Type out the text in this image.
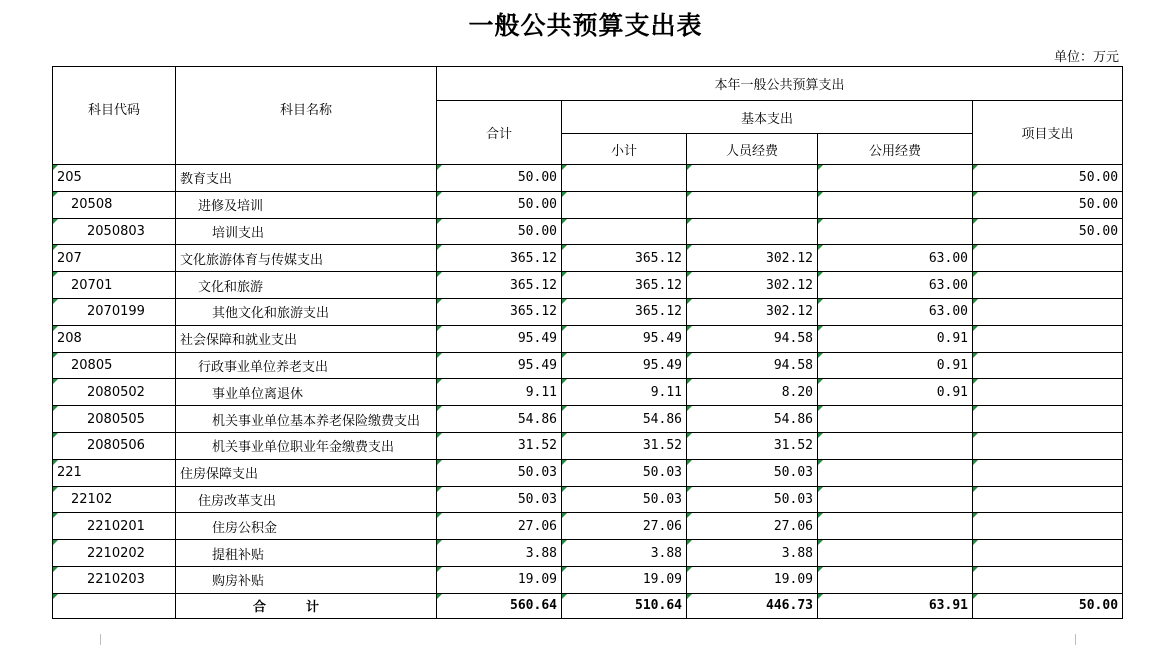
一般公共预算支出表
单位：万元
科目代码	科目名称	本年一般公共预算支出				
		合计	基本支出			项目支出
			小计	人员经费	公用经费	
205	教育支出	50.00				50.00
20508	进修及培训	50.00				50.00
2050803	培训支出	50.00				50.00
207	文化旅游体育与传媒支出	365.12	365.12	302.12	63.00	
20701	文化和旅游	365.12	365.12	302.12	63.00	
2070199	其他文化和旅游支出	365.12	365.12	302.12	63.00	
208	社会保障和就业支出	95.49	95.49	94.58	0.91	
20805	行政事业单位养老支出	95.49	95.49	94.58	0.91	
2080502	事业单位离退休	9.11	9.11	8.20	0.91	
2080505	机关事业单位基本养老保险缴费支出	54.86	54.86	54.86		
2080506	机关事业单位职业年金缴费支出	31.52	31.52	31.52		
221	住房保障支出	50.03	50.03	50.03		
22102	住房改革支出	50.03	50.03	50.03		
2210201	住房公积金	27.06	27.06	27.06		
2210202	提租补贴	3.88	3.88	3.88		
2210203	购房补贴	19.09	19.09	19.09		
	合计	560.64	510.64	446.73	63.91	50.00
